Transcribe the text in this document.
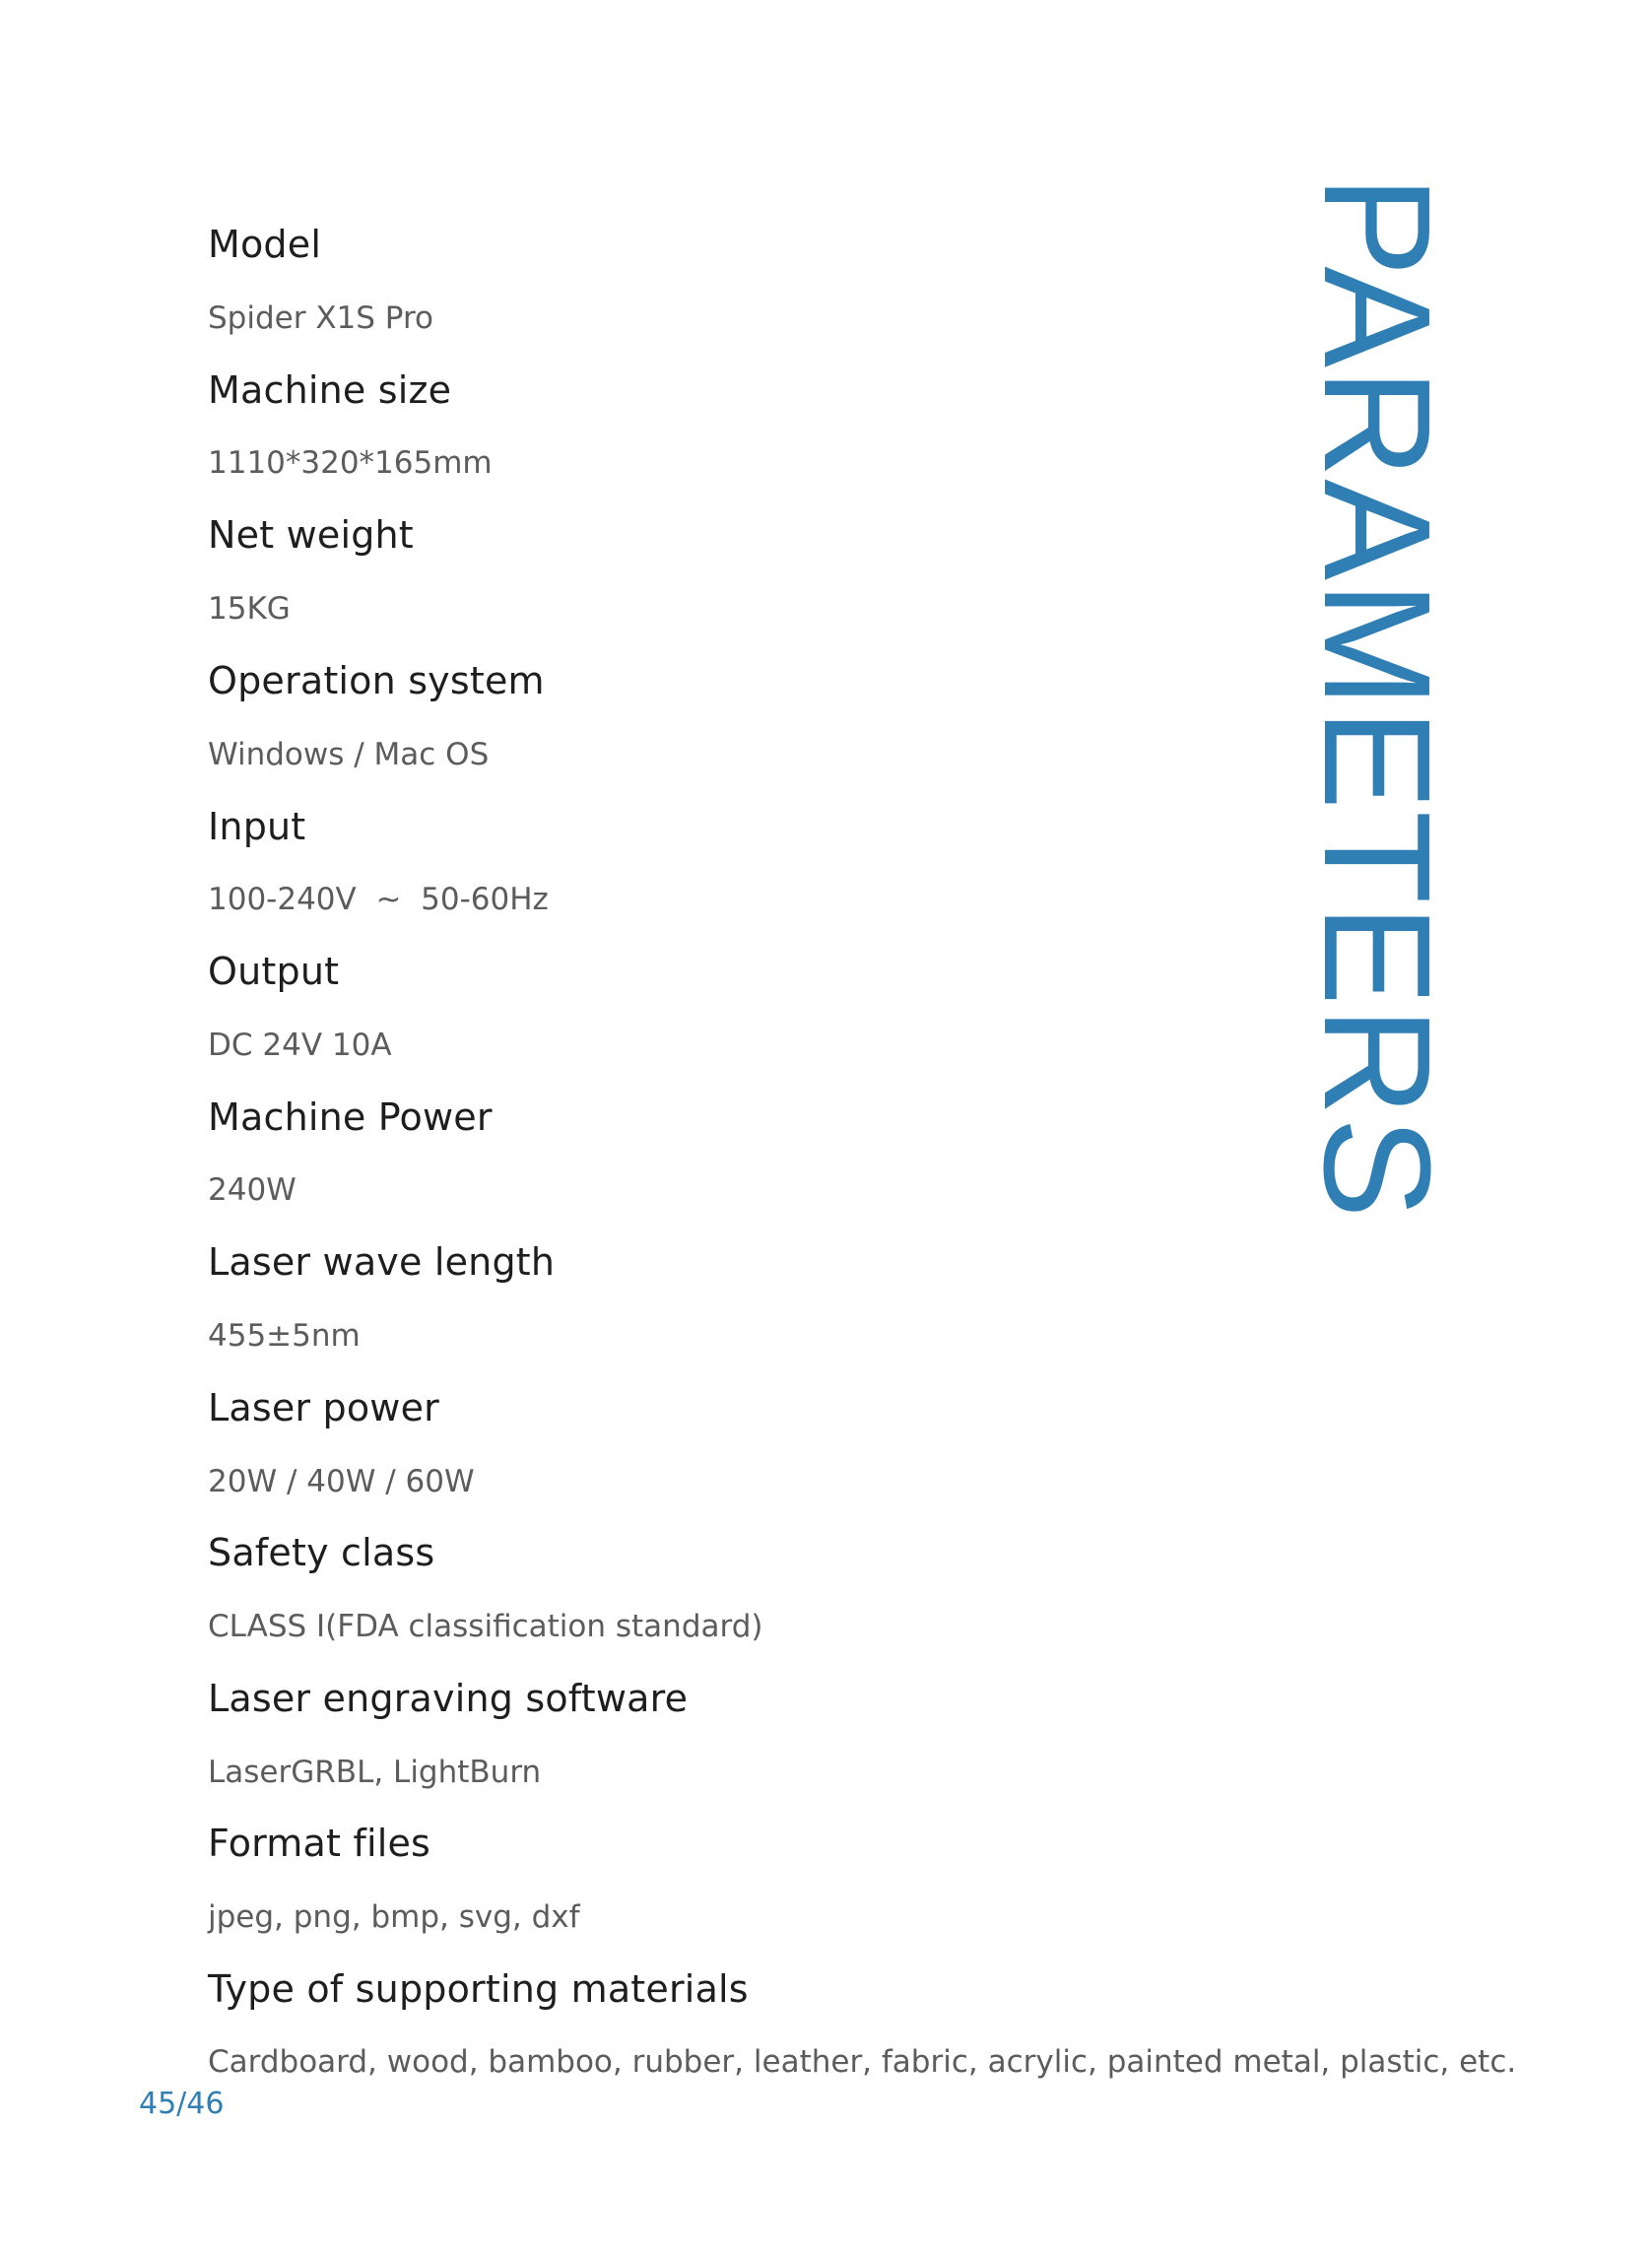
Model

Spider X1S Pro

Machine size

1110*320*165mm

Net weight

15KG

Operation system

Windows / Mac OS

Input

100-240V  ~  50-60Hz

Output

DC 24V 10A

Machine Power

240W

Laser wave length

455±5nm

Laser power

20W / 40W / 60W

Safety class

CLASS I(FDA classification standard)

Laser engraving software

LaserGRBL, LightBurn

Format files

jpeg, png, bmp, svg, dxf

Type of supporting materials

Cardboard, wood, bamboo, rubber, leather, fabric, acrylic, painted metal, plastic, etc.

PARAMETERS
45/46
